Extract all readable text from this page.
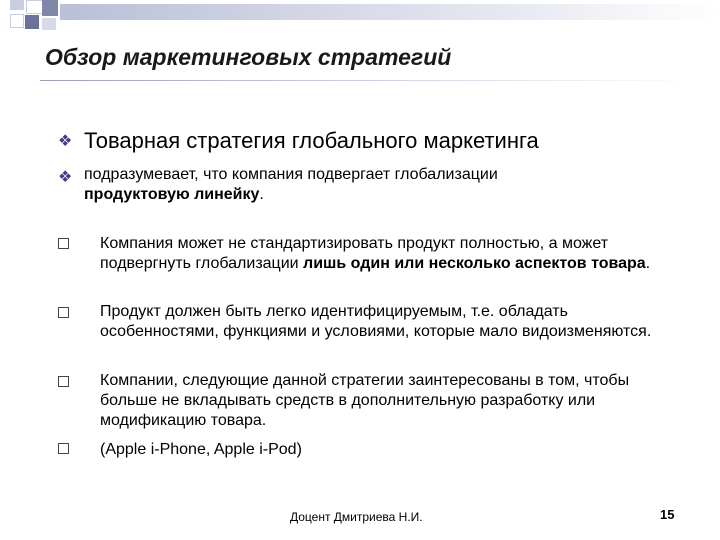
Обзор маркетинговых стратегий
❖ Товарная стратегия глобального маркетинга
❖ подразумевает, что компания подвергает глобализации продуктовую линейку.
Компания может не стандартизировать продукт полностью, а может подвергнуть глобализации лишь один или несколько аспектов товара.
Продукт должен быть легко идентифицируемым, т.е. обладать особенностями, функциями и условиями, которые мало видоизменяются.
Компании, следующие данной стратегии заинтересованы в том, чтобы больше не вкладывать средств в дополнительную разработку или модификацию товара.
(Apple i-Phone, Apple i-Pod)
Доцент Дмитриева Н.И.	15
